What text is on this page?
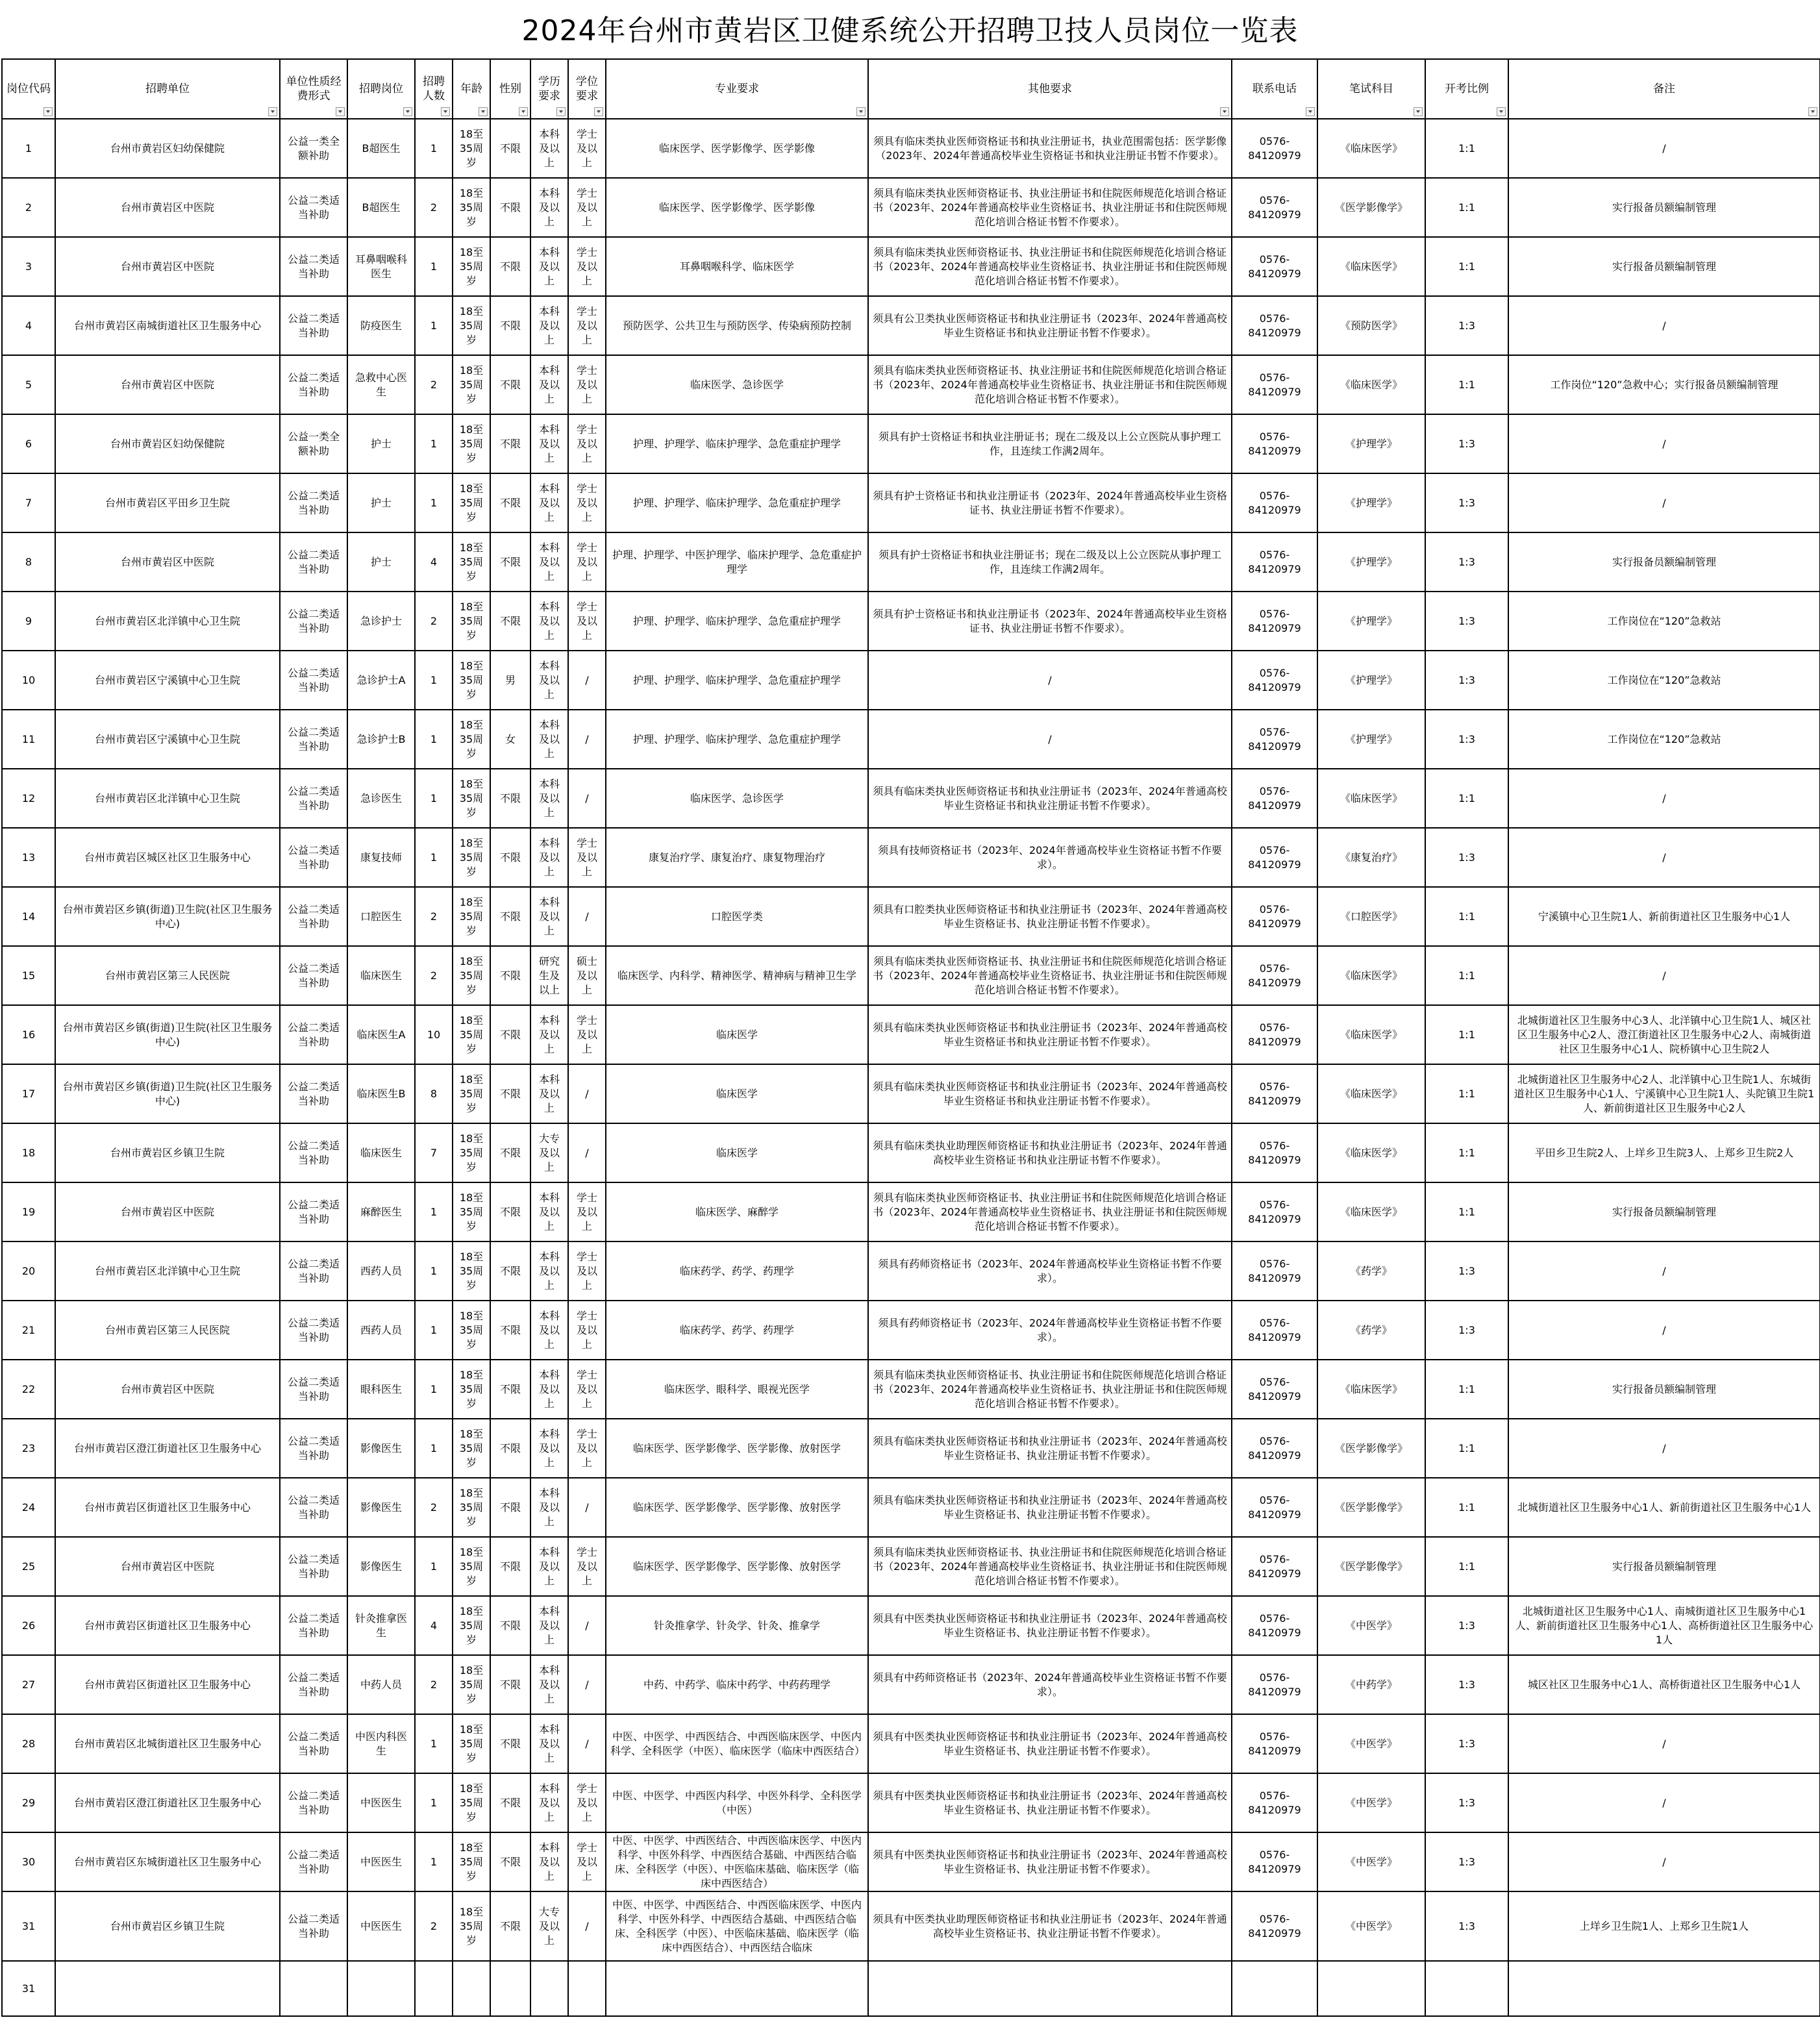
2024年台州市黄岩区卫健系统公开招聘卫技人员岗位一览表
岗位代码	招聘单位	单位性质经费形式	招聘岗位	招聘人数	年龄	性别	学历要求	学位要求	专业要求	其他要求	联系电话	笔试科目	开考比例	备注

1	台州市黄岩区妇幼保健院	公益一类全额补助	B超医生	1	18至35周岁	不限	本科及以上	学士及以上	临床医学、医学影像学、医学影像	须具有临床类执业医师资格证书和执业注册证书，执业范围需包括：医学影像（2023年、2024年普通高校毕业生资格证书和执业注册证书暂不作要求）。	0576-84120979	《临床医学》	1:1	/
2	台州市黄岩区中医院	公益二类适当补助	B超医生	2	18至35周岁	不限	本科及以上	学士及以上	临床医学、医学影像学、医学影像	须具有临床类执业医师资格证书、执业注册证书和住院医师规范化培训合格证书（2023年、2024年普通高校毕业生资格证书、执业注册证书和住院医师规范化培训合格证书暂不作要求）。	0576-84120979	《医学影像学》	1:1	实行报备员额编制管理
3	台州市黄岩区中医院	公益二类适当补助	耳鼻咽喉科医生	1	18至35周岁	不限	本科及以上	学士及以上	耳鼻咽喉科学、临床医学	须具有临床类执业医师资格证书、执业注册证书和住院医师规范化培训合格证书（2023年、2024年普通高校毕业生资格证书、执业注册证书和住院医师规范化培训合格证书暂不作要求）。	0576-84120979	《临床医学》	1:1	实行报备员额编制管理
4	台州市黄岩区南城街道社区卫生服务中心	公益二类适当补助	防疫医生	1	18至35周岁	不限	本科及以上	学士及以上	预防医学、公共卫生与预防医学、传染病预防控制	须具有公卫类执业医师资格证书和执业注册证书（2023年、2024年普通高校毕业生资格证书和执业注册证书暂不作要求）。	0576-84120979	《预防医学》	1:3	/
5	台州市黄岩区中医院	公益二类适当补助	急救中心医生	2	18至35周岁	不限	本科及以上	学士及以上	临床医学、急诊医学	须具有临床类执业医师资格证书、执业注册证书和住院医师规范化培训合格证书（2023年、2024年普通高校毕业生资格证书、执业注册证书和住院医师规范化培训合格证书暂不作要求）。	0576-84120979	《临床医学》	1:1	工作岗位“120”急救中心；实行报备员额编制管理
6	台州市黄岩区妇幼保健院	公益一类全额补助	护士	1	18至35周岁	不限	本科及以上	学士及以上	护理、护理学、临床护理学、急危重症护理学	须具有护士资格证书和执业注册证书；现在二级及以上公立医院从事护理工作，且连续工作满2周年。	0576-84120979	《护理学》	1:3	/
7	台州市黄岩区平田乡卫生院	公益二类适当补助	护士	1	18至35周岁	不限	本科及以上	学士及以上	护理、护理学、临床护理学、急危重症护理学	须具有护士资格证书和执业注册证书（2023年、2024年普通高校毕业生资格证书、执业注册证书暂不作要求）。	0576-84120979	《护理学》	1:3	/
8	台州市黄岩区中医院	公益二类适当补助	护士	4	18至35周岁	不限	本科及以上	学士及以上	护理、护理学、中医护理学、临床护理学、急危重症护理学	须具有护士资格证书和执业注册证书；现在二级及以上公立医院从事护理工作，且连续工作满2周年。	0576-84120979	《护理学》	1:3	实行报备员额编制管理
9	台州市黄岩区北洋镇中心卫生院	公益二类适当补助	急诊护士	2	18至35周岁	不限	本科及以上	学士及以上	护理、护理学、临床护理学、急危重症护理学	须具有护士资格证书和执业注册证书（2023年、2024年普通高校毕业生资格证书、执业注册证书暂不作要求）。	0576-84120979	《护理学》	1:3	工作岗位在“120”急救站
10	台州市黄岩区宁溪镇中心卫生院	公益二类适当补助	急诊护士A	1	18至35周岁	男	本科及以上	/	护理、护理学、临床护理学、急危重症护理学	/	0576-84120979	《护理学》	1:3	工作岗位在“120”急救站
11	台州市黄岩区宁溪镇中心卫生院	公益二类适当补助	急诊护士B	1	18至35周岁	女	本科及以上	/	护理、护理学、临床护理学、急危重症护理学	/	0576-84120979	《护理学》	1:3	工作岗位在“120”急救站
12	台州市黄岩区北洋镇中心卫生院	公益二类适当补助	急诊医生	1	18至35周岁	不限	本科及以上	/	临床医学、急诊医学	须具有临床类执业医师资格证书和执业注册证书（2023年、2024年普通高校毕业生资格证书和执业注册证书暂不作要求）。	0576-84120979	《临床医学》	1:1	/
13	台州市黄岩区城区社区卫生服务中心	公益二类适当补助	康复技师	1	18至35周岁	不限	本科及以上	学士及以上	康复治疗学、康复治疗、康复物理治疗	须具有技师资格证书（2023年、2024年普通高校毕业生资格证书暂不作要求）。	0576-84120979	《康复治疗》	1:3	/
14	台州市黄岩区乡镇(街道)卫生院(社区卫生服务中心)	公益二类适当补助	口腔医生	2	18至35周岁	不限	本科及以上	/	口腔医学类	须具有口腔类执业医师资格证书和执业注册证书（2023年、2024年普通高校毕业生资格证书、执业注册证书暂不作要求）。	0576-84120979	《口腔医学》	1:1	宁溪镇中心卫生院1人、新前街道社区卫生服务中心1人
15	台州市黄岩区第三人民医院	公益二类适当补助	临床医生	2	18至35周岁	不限	研究生及以上	硕士及以上	临床医学、内科学、精神医学、精神病与精神卫生学	须具有临床类执业医师资格证书、执业注册证书和住院医师规范化培训合格证书（2023年、2024年普通高校毕业生资格证书、执业注册证书和住院医师规范化培训合格证书暂不作要求）。	0576-84120979	《临床医学》	1:1	/
16	台州市黄岩区乡镇(街道)卫生院(社区卫生服务中心)	公益二类适当补助	临床医生A	10	18至35周岁	不限	本科及以上	学士及以上	临床医学	须具有临床类执业医师资格证书和执业注册证书（2023年、2024年普通高校毕业生资格证书和执业注册证书暂不作要求）。	0576-84120979	《临床医学》	1:1	北城街道社区卫生服务中心3人、北洋镇中心卫生院1人、城区社区卫生服务中心2人、澄江街道社区卫生服务中心2人、南城街道社区卫生服务中心1人、院桥镇中心卫生院2人
17	台州市黄岩区乡镇(街道)卫生院(社区卫生服务中心)	公益二类适当补助	临床医生B	8	18至35周岁	不限	本科及以上	/	临床医学	须具有临床类执业医师资格证书和执业注册证书（2023年、2024年普通高校毕业生资格证书和执业注册证书暂不作要求）。	0576-84120979	《临床医学》	1:1	北城街道社区卫生服务中心2人、北洋镇中心卫生院1人、东城街道社区卫生服务中心1人、宁溪镇中心卫生院1人、头陀镇卫生院1人、新前街道社区卫生服务中心2人
18	台州市黄岩区乡镇卫生院	公益二类适当补助	临床医生	7	18至35周岁	不限	大专及以上	/	临床医学	须具有临床类执业助理医师资格证书和执业注册证书（2023年、2024年普通高校毕业生资格证书和执业注册证书暂不作要求）。	0576-84120979	《临床医学》	1:1	平田乡卫生院2人、上垟乡卫生院3人、上郑乡卫生院2人
19	台州市黄岩区中医院	公益二类适当补助	麻醉医生	1	18至35周岁	不限	本科及以上	学士及以上	临床医学、麻醉学	须具有临床类执业医师资格证书、执业注册证书和住院医师规范化培训合格证书（2023年、2024年普通高校毕业生资格证书、执业注册证书和住院医师规范化培训合格证书暂不作要求）。	0576-84120979	《临床医学》	1:1	实行报备员额编制管理
20	台州市黄岩区北洋镇中心卫生院	公益二类适当补助	西药人员	1	18至35周岁	不限	本科及以上	学士及以上	临床药学、药学、药理学	须具有药师资格证书（2023年、2024年普通高校毕业生资格证书暂不作要求）。	0576-84120979	《药学》	1:3	/
21	台州市黄岩区第三人民医院	公益二类适当补助	西药人员	1	18至35周岁	不限	本科及以上	学士及以上	临床药学、药学、药理学	须具有药师资格证书（2023年、2024年普通高校毕业生资格证书暂不作要求）。	0576-84120979	《药学》	1:3	/
22	台州市黄岩区中医院	公益二类适当补助	眼科医生	1	18至35周岁	不限	本科及以上	学士及以上	临床医学、眼科学、眼视光医学	须具有临床类执业医师资格证书、执业注册证书和住院医师规范化培训合格证书（2023年、2024年普通高校毕业生资格证书、执业注册证书和住院医师规范化培训合格证书暂不作要求）。	0576-84120979	《临床医学》	1:1	实行报备员额编制管理
23	台州市黄岩区澄江街道社区卫生服务中心	公益二类适当补助	影像医生	1	18至35周岁	不限	本科及以上	学士及以上	临床医学、医学影像学、医学影像、放射医学	须具有临床类执业医师资格证书和执业注册证书（2023年、2024年普通高校毕业生资格证书、执业注册证书暂不作要求）。	0576-84120979	《医学影像学》	1:1	/
24	台州市黄岩区街道社区卫生服务中心	公益二类适当补助	影像医生	2	18至35周岁	不限	本科及以上	/	临床医学、医学影像学、医学影像、放射医学	须具有临床类执业医师资格证书和执业注册证书（2023年、2024年普通高校毕业生资格证书、执业注册证书暂不作要求）。	0576-84120979	《医学影像学》	1:1	北城街道社区卫生服务中心1人、新前街道社区卫生服务中心1人
25	台州市黄岩区中医院	公益二类适当补助	影像医生	1	18至35周岁	不限	本科及以上	学士及以上	临床医学、医学影像学、医学影像、放射医学	须具有临床类执业医师资格证书、执业注册证书和住院医师规范化培训合格证书（2023年、2024年普通高校毕业生资格证书、执业注册证书和住院医师规范化培训合格证书暂不作要求）。	0576-84120979	《医学影像学》	1:1	实行报备员额编制管理
26	台州市黄岩区街道社区卫生服务中心	公益二类适当补助	针灸推拿医生	4	18至35周岁	不限	本科及以上	/	针灸推拿学、针灸学、针灸、推拿学	须具有中医类执业医师资格证书和执业注册证书（2023年、2024年普通高校毕业生资格证书、执业注册证书暂不作要求）。	0576-84120979	《中医学》	1:3	北城街道社区卫生服务中心1人、南城街道社区卫生服务中心1人、新前街道社区卫生服务中心1人、高桥街道社区卫生服务中心1人
27	台州市黄岩区街道社区卫生服务中心	公益二类适当补助	中药人员	2	18至35周岁	不限	本科及以上	/	中药、中药学、临床中药学、中药药理学	须具有中药师资格证书（2023年、2024年普通高校毕业生资格证书暂不作要求）。	0576-84120979	《中药学》	1:3	城区社区卫生服务中心1人、高桥街道社区卫生服务中心1人
28	台州市黄岩区北城街道社区卫生服务中心	公益二类适当补助	中医内科医生	1	18至35周岁	不限	本科及以上	/	中医、中医学、中西医结合、中西医临床医学、中医内科学、全科医学（中医）、临床医学（临床中西医结合）	须具有中医类执业医师资格证书和执业注册证书（2023年、2024年普通高校毕业生资格证书、执业注册证书暂不作要求）。	0576-84120979	《中医学》	1:3	/
29	台州市黄岩区澄江街道社区卫生服务中心	公益二类适当补助	中医医生	1	18至35周岁	不限	本科及以上	学士及以上	中医、中医学、中西医内科学、中医外科学、全科医学（中医）	须具有中医类执业医师资格证书和执业注册证书（2023年、2024年普通高校毕业生资格证书、执业注册证书暂不作要求）。	0576-84120979	《中医学》	1:3	/
30	台州市黄岩区东城街道社区卫生服务中心	公益二类适当补助	中医医生	1	18至35周岁	不限	本科及以上	学士及以上	中医、中医学、中西医结合、中西医临床医学、中医内科学、中医外科学、中西医结合基础、中西医结合临床、全科医学（中医）、中医临床基础、临床医学（临床中西医结合）	须具有中医类执业医师资格证书和执业注册证书（2023年、2024年普通高校毕业生资格证书、执业注册证书暂不作要求）。	0576-84120979	《中医学》	1:3	/
31	台州市黄岩区乡镇卫生院	公益二类适当补助	中医医生	2	18至35周岁	不限	大专及以上	/	中医、中医学、中西医结合、中西医临床医学、中医内科学、中医外科学、中西医结合基础、中西医结合临床、全科医学（中医）、中医临床基础、临床医学（临床中西医结合）、中西医结合临床	须具有中医类执业助理医师资格证书和执业注册证书（2023年、2024年普通高校毕业生资格证书、执业注册证书暂不作要求）。	0576-84120979	《中医学》	1:3	上垟乡卫生院1人、上郑乡卫生院1人
31														
